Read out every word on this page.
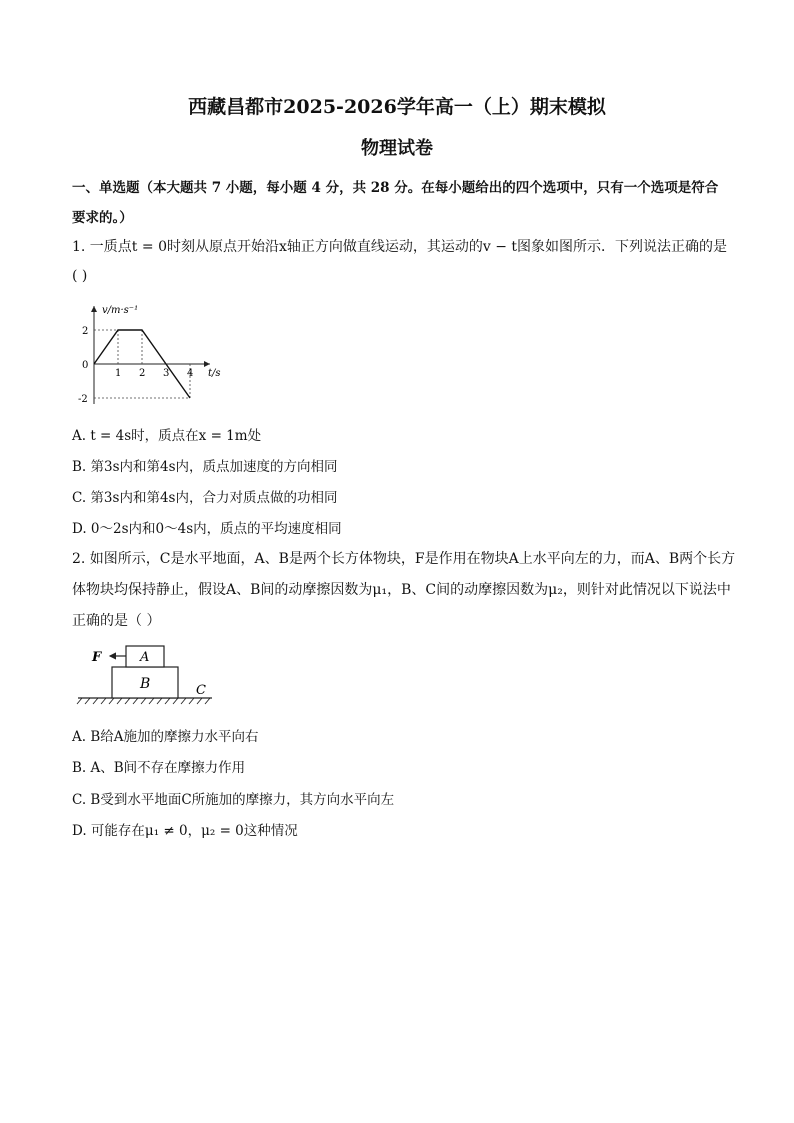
西藏昌都市2025-2026学年高一（上）期末模拟
物理试卷
一、单选题（本大题共 7 小题，每小题 4 分，共 28 分。在每小题给出的四个选项中，只有一个选项是符合
要求的。）
1. 一质点t = 0时刻从原点开始沿x轴正方向做直线运动，其运动的v − t图象如图所示．下列说法正确的是
( )
v/m·s⁻¹
t/s
2
0
-2
1 2 3 4
A. t = 4s时，质点在x = 1m处
B. 第3s内和第4s内，质点加速度的方向相同
C. 第3s内和第4s内，合力对质点做的功相同
D. 0～2s内和0～4s内，质点的平均速度相同
2. 如图所示，C是水平地面，A、B是两个长方体物块，F是作用在物块A上水平向左的力，而A、B两个长方
体物块均保持静止，假设A、B间的动摩擦因数为μ₁，B、C间的动摩擦因数为μ₂，则针对此情况以下说法中
正确的是（ ）
F	A
B	C
A. B给A施加的摩擦力水平向右
B. A、B间不存在摩擦力作用
C. B受到水平地面C所施加的摩擦力，其方向水平向左
D. 可能存在μ₁ ≠ 0，μ₂ = 0这种情况
